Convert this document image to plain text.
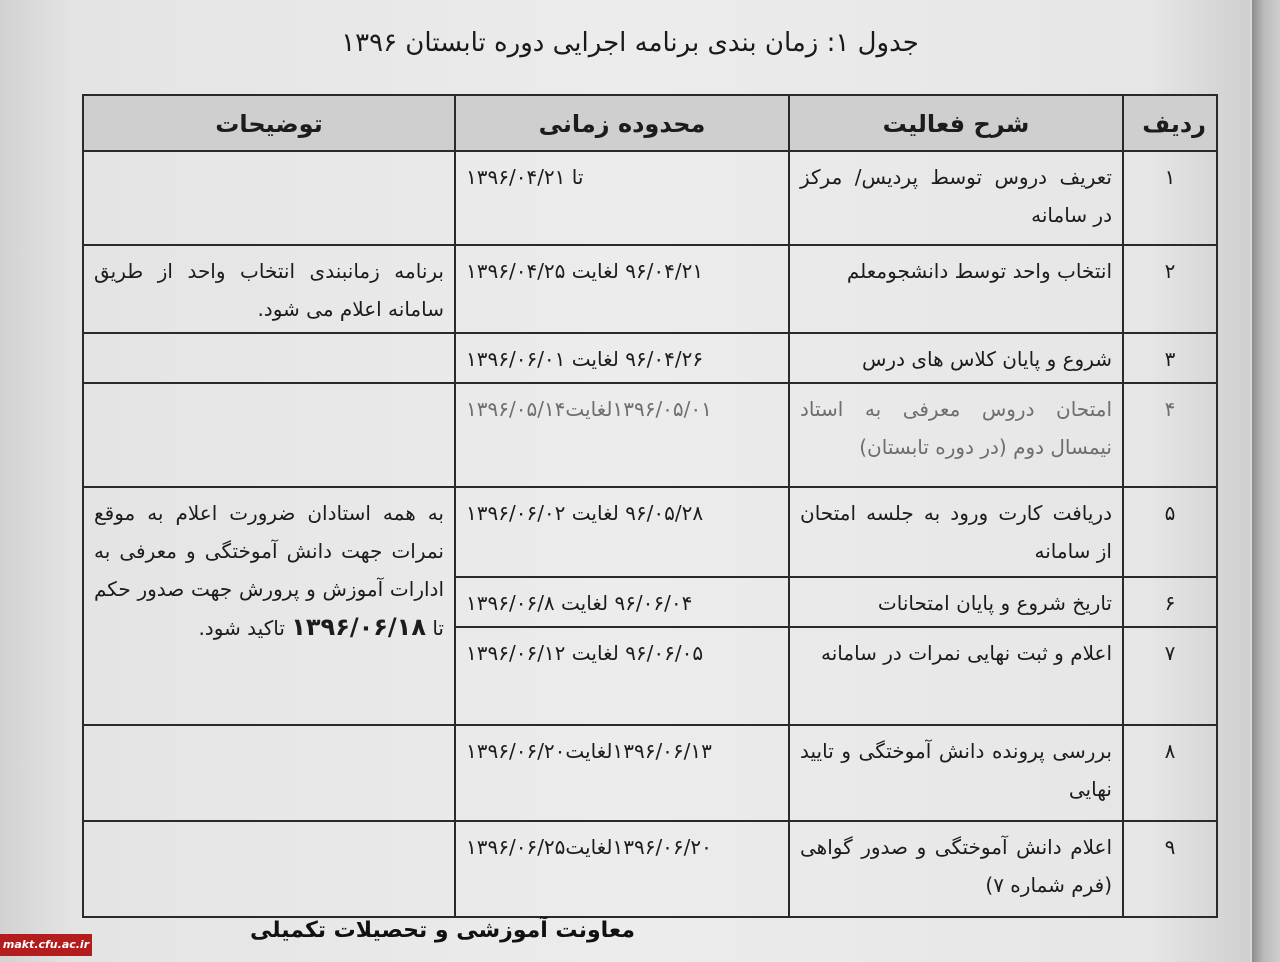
جدول ۱: زمان بندی برنامه اجرایی دوره تابستان ۱۳۹۶
ردیف	شرح فعالیت	محدوده زمانی	توضیحات
۱	تعریف دروس توسط پردیس/ مرکز در سامانه	تا ۱۳۹۶/۰۴/۲۱	
۲	انتخاب واحد توسط دانشجومعلم	۹۶/۰۴/۲۱ لغایت ۱۳۹۶/۰۴/۲۵	برنامه زمانبندی انتخاب واحد از طریق سامانه اعلام می شود.
۳	شروع و پایان کلاس های درس	۹۶/۰۴/۲۶ لغایت ۱۳۹۶/۰۶/۰۱	
۴	امتحان دروس معرفی به استاد نیمسال دوم (در دوره تابستان)	۱۳۹۶/۰۵/۰۱لغایت۱۳۹۶/۰۵/۱۴	
۵	دریافت کارت ورود به جلسه امتحان از سامانه	۹۶/۰۵/۲۸ لغایت ۱۳۹۶/۰۶/۰۲	به همه استادان ضرورت اعلام به موقع نمرات جهت دانش آموختگی و معرفی به ادارات آموزش و پرورش جهت صدور حکم تا ۱۳۹۶/۰۶/۱۸ تاکید شود.
۶	تاریخ شروع و پایان امتحانات	۹۶/۰۶/۰۴ لغایت ۱۳۹۶/۰۶/۸	
۷	اعلام و ثبت نهایی نمرات در سامانه	۹۶/۰۶/۰۵ لغایت ۱۳۹۶/۰۶/۱۲	
۸	بررسی پرونده دانش آموختگی و تایید نهایی	۱۳۹۶/۰۶/۱۳لغایت۱۳۹۶/۰۶/۲۰	
۹	اعلام دانش آموختگی و صدور گواهی (فرم شماره ۷)	۱۳۹۶/۰۶/۲۰لغایت۱۳۹۶/۰۶/۲۵	
معاونت آموزشی و تحصیلات تکمیلی
makt.cfu.ac.ir
